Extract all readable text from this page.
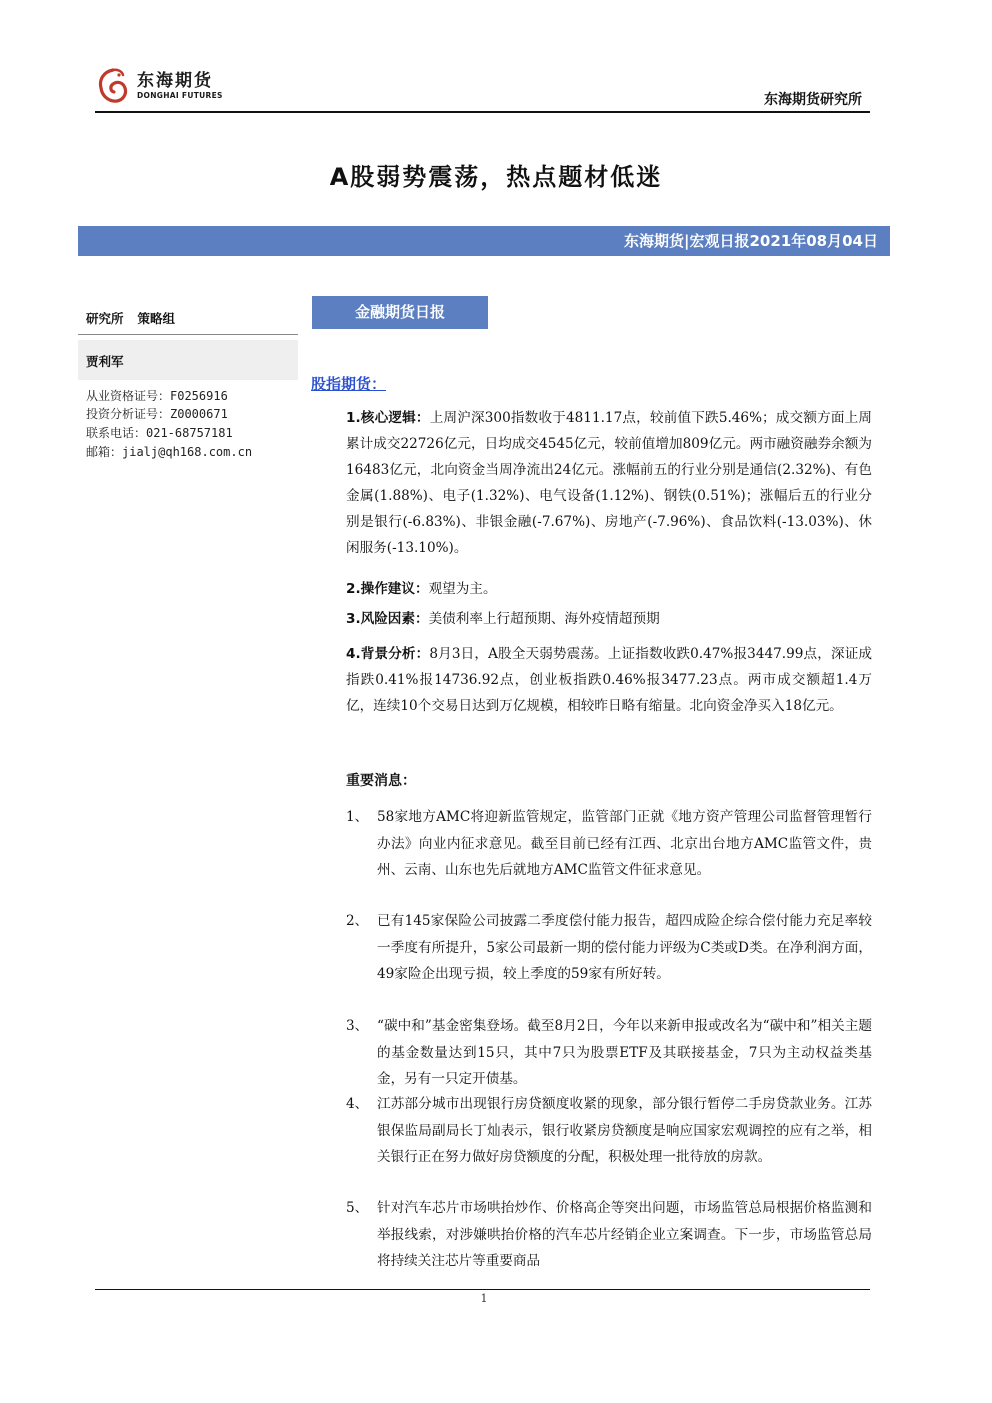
东海期货
DONGHAI FUTURES	东海期货研究所
A股弱势震荡，热点题材低迷
东海期货|宏观日报2021年08月04日
研究所 策略组
贾利军
从业资格证号：F0256916
投资分析证号：Z0000671
联系电话：021-68757181
邮箱：jialj@qh168.com.cn
金融期货日报
股指期货：
1.核心逻辑：上周沪深300指数收于4811.17点，较前值下跌5.46%；成交额方面上周累计成交22726亿元，日均成交4545亿元，较前值增加809亿元。两市融资融券余额为16483亿元，北向资金当周净流出24亿元。涨幅前五的行业分别是通信(2.32%)、有色金属(1.88%)、电子(1.32%)、电气设备(1.12%)、钢铁(0.51%)；涨幅后五的行业分别是银行(-6.83%)、非银金融(-7.67%)、房地产(-7.96%)、食品饮料(-13.03%)、休闲服务(-13.10%)。
2.操作建议：观望为主。
3.风险因素：美债利率上行超预期、海外疫情超预期
4.背景分析：8月3日，A股全天弱势震荡。上证指数收跌0.47%报3447.99点，深证成指跌0.41%报14736.92点，创业板指跌0.46%报3477.23点。两市成交额超1.4万亿，连续10个交易日达到万亿规模，相较昨日略有缩量。北向资金净买入18亿元。
重要消息：
1、 58家地方AMC将迎新监管规定，监管部门正就《地方资产管理公司监督管理暂行办法》向业内征求意见。截至目前已经有江西、北京出台地方AMC监管文件，贵州、云南、山东也先后就地方AMC监管文件征求意见。
2、 已有145家保险公司披露二季度偿付能力报告，超四成险企综合偿付能力充足率较一季度有所提升，5家公司最新一期的偿付能力评级为C类或D类。在净利润方面，49家险企出现亏损，较上季度的59家有所好转。
3、 “碳中和”基金密集登场。截至8月2日，今年以来新申报或改名为“碳中和”相关主题的基金数量达到15只，其中7只为股票ETF及其联接基金，7只为主动权益类基金，另有一只定开债基。
4、 江苏部分城市出现银行房贷额度收紧的现象，部分银行暂停二手房贷款业务。江苏银保监局副局长丁灿表示，银行收紧房贷额度是响应国家宏观调控的应有之举，相关银行正在努力做好房贷额度的分配，积极处理一批待放的房款。
5、 针对汽车芯片市场哄抬炒作、价格高企等突出问题，市场监管总局根据价格监测和举报线索，对涉嫌哄抬价格的汽车芯片经销企业立案调查。下一步，市场监管总局将持续关注芯片等重要商品
1
